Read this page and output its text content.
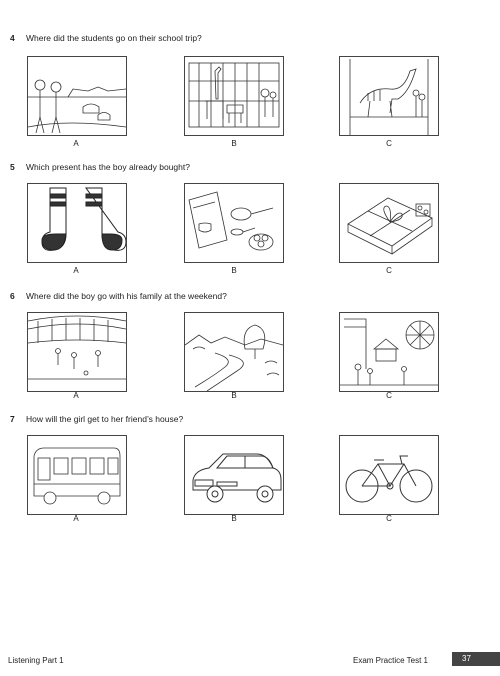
4 Where did the students go on their school trip?
A	B	C
5 Which present has the boy already bought?
A	B	C
6 Where did the boy go with his family at the weekend?
A	B	C
7 How will the girl get to her friend’s house?
A	B	C
Listening Part 1	Exam Practice Test 1	37
